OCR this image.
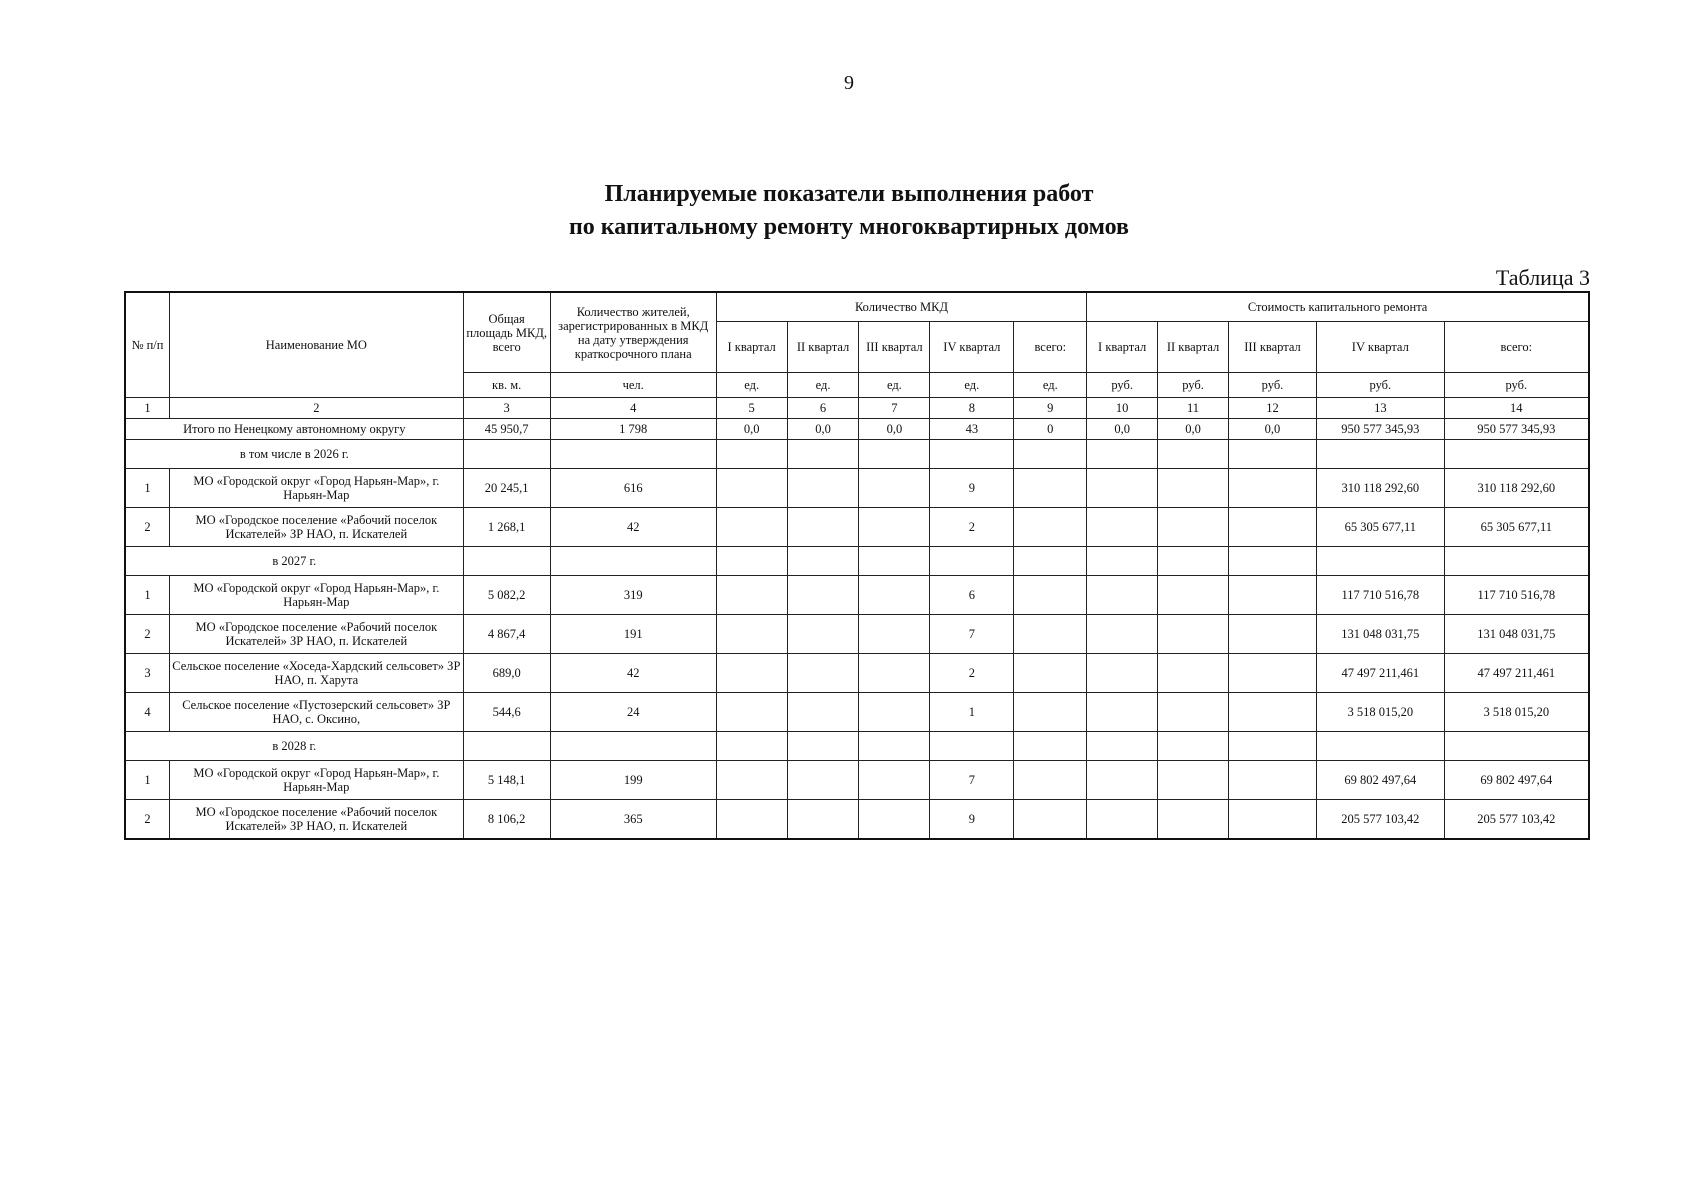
9
Планируемые показатели выполнения работ
по капитальному ремонту многоквартирных домов
Таблица 3
№ п/п	Наименование МО	Общая площадь МКД, всего	Количество жителей, зарегистрированных в МКД на дату утверждения краткосрочного плана	Количество МКД					Стоимость капитального ремонта				
				I квартал	II квартал	III квартал	IV квартал	всего:	I квартал	II квартал	III квартал	IV квартал	всего:
		кв. м.	чел.	ед.	ед.	ед.	ед.	ед.	руб.	руб.	руб.	руб.	руб.
1	2	3	4	5	6	7	8	9	10	11	12	13	14
Итого по Ненецкому автономному округу		45 950,7	1 798	0,0	0,0	0,0	43	0	0,0	0,0	0,0	950 577 345,93	950 577 345,93
в том числе в 2026 г.													
1	МО «Городской округ «Город Нарьян-Мар», г. Нарьян-Мар	20 245,1	616				9					310 118 292,60	310 118 292,60
2	МО «Городское поселение «Рабочий поселок Искателей» ЗР НАО, п. Искателей	1 268,1	42				2					65 305 677,11	65 305 677,11
в 2027 г.													
1	МО «Городской округ «Город Нарьян-Мар», г. Нарьян-Мар	5 082,2	319				6					117 710 516,78	117 710 516,78
2	МО «Городское поселение «Рабочий поселок Искателей» ЗР НАО, п. Искателей	4 867,4	191				7					131 048 031,75	131 048 031,75
3	Сельское поселение «Хоседа-Хардский сельсовет» ЗР НАО, п. Харута	689,0	42				2					47 497 211,461	47 497 211,461
4	Сельское поселение «Пустозерский сельсовет» ЗР НАО, с. Оксино,	544,6	24				1					3 518 015,20	3 518 015,20
в 2028 г.													
1	МО «Городской округ «Город Нарьян-Мар», г. Нарьян-Мар	5 148,1	199				7					69 802 497,64	69 802 497,64
2	МО «Городское поселение «Рабочий поселок Искателей» ЗР НАО, п. Искателей	8 106,2	365				9					205 577 103,42	205 577 103,42
